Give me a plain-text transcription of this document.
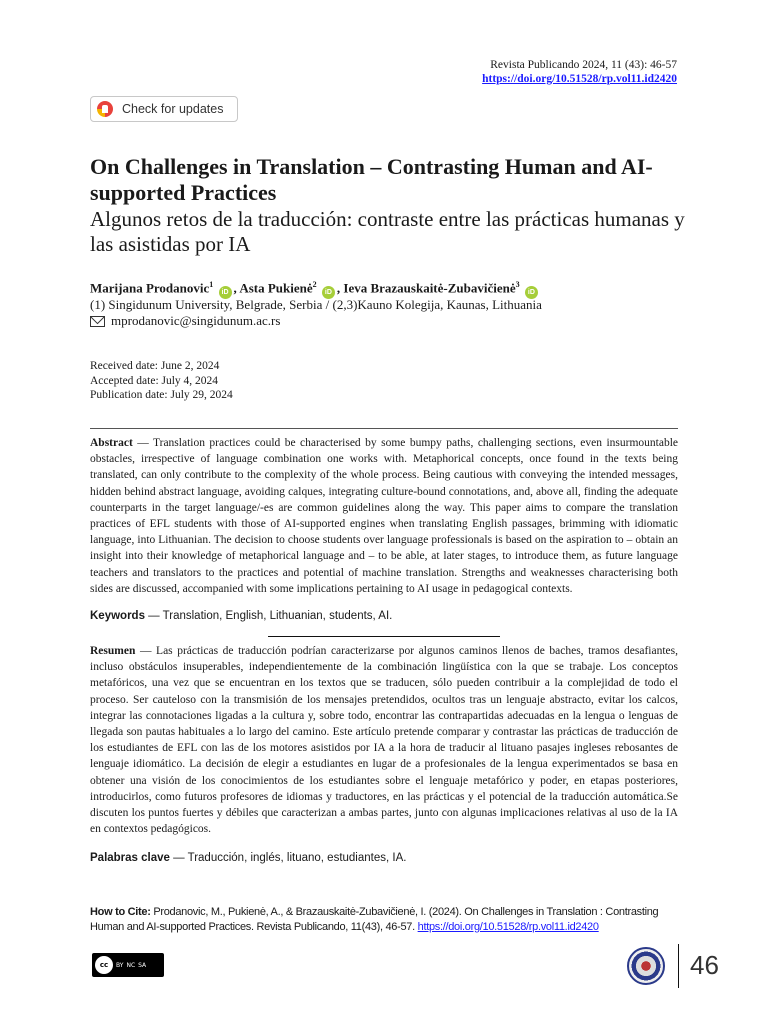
Revista Publicando 2024, 11 (43): 46-57
https://doi.org/10.51528/rp.vol11.id2420
Check for updates
On Challenges in Translation – Contrasting Human and AI-supported Practices
Algunos retos de la traducción: contraste entre las prácticas humanas y las asistidas por IA
Marijana Prodanovic$^1$ iD , Asta Pukienė$^2$ iD , Ieva Brazauskaitė-Zubavičienė$^3$ iD
(1) Singidunum University, Belgrade, Serbia / (2,3)Kauno Kolegija, Kaunas, Lithuania
mprodanovic@singidunum.ac.rs
Received date: June 2, 2024
Accepted date: July 4, 2024
Publication date: July 29, 2024
Abstract — Translation practices could be characterised by some bumpy paths, challenging sections, even insurmountable obstacles, irrespective of language combination one works with. Metaphorical concepts, once found in the texts being translated, can only contribute to the complexity of the whole process. Being cautious with conveying the intended messages, hidden behind abstract language, avoiding calques, integrating culture-bound connotations, and, above all, finding the adequate counterparts in the target language/-es are common guidelines along the way. This paper aims to compare the translation practices of EFL students with those of AI-supported engines when translating English passages, brimming with idiomatic language, into Lithuanian. The decision to choose students over language professionals is based on the aspiration to – obtain an insight into their knowledge of metaphorical language and – to be able, at later stages, to introduce them, as future language teachers and translators to the practices and potential of machine translation. Strengths and weaknesses characterising both sides are discussed, accompanied with some implications pertaining to AI usage in pedagogical contexts.
Keywords — Translation, English, Lithuanian, students, AI.
Resumen — Las prácticas de traducción podrían caracterizarse por algunos caminos llenos de baches, tramos desafiantes, incluso obstáculos insuperables, independientemente de la combinación lingüística con la que se trabaje. Los conceptos metafóricos, una vez que se encuentran en los textos que se traducen, sólo pueden contribuir a la complejidad de todo el proceso. Ser cauteloso con la transmisión de los mensajes pretendidos, ocultos tras un lenguaje abstracto, evitar los calcos, integrar las connotaciones ligadas a la cultura y, sobre todo, encontrar las contrapartidas adecuadas en la lengua o lenguas de llegada son pautas habituales a lo largo del camino. Este artículo pretende comparar y contrastar las prácticas de traducción de los estudiantes de EFL con las de los motores asistidos por IA a la hora de traducir al lituano pasajes ingleses rebosantes de lenguaje idiomático. La decisión de elegir a estudiantes en lugar de a profesionales de la lengua experimentados se basa en obtener una visión de los conocimientos de los estudiantes sobre el lenguaje metafórico y poder, en etapas posteriores, introducirlos, como futuros profesores de idiomas y traductores, en las prácticas y el potencial de la traducción automática.Se discuten los puntos fuertes y débiles que caracterizan a ambas partes, junto con algunas implicaciones relativas al uso de la IA en contextos pedagógicos.
Palabras clave — Traducción, inglés, lituano, estudiantes, IA.
How to Cite: Prodanovic, M., Pukienė, A., & Brazauskaitė-Zubavičienė, I. (2024). On Challenges in Translation : Contrasting Human and AI-supported Practices. Revista Publicando, 11(43), 46-57. https://doi.org/10.51528/rp.vol11.id2420
cc	BY NC SA	46
